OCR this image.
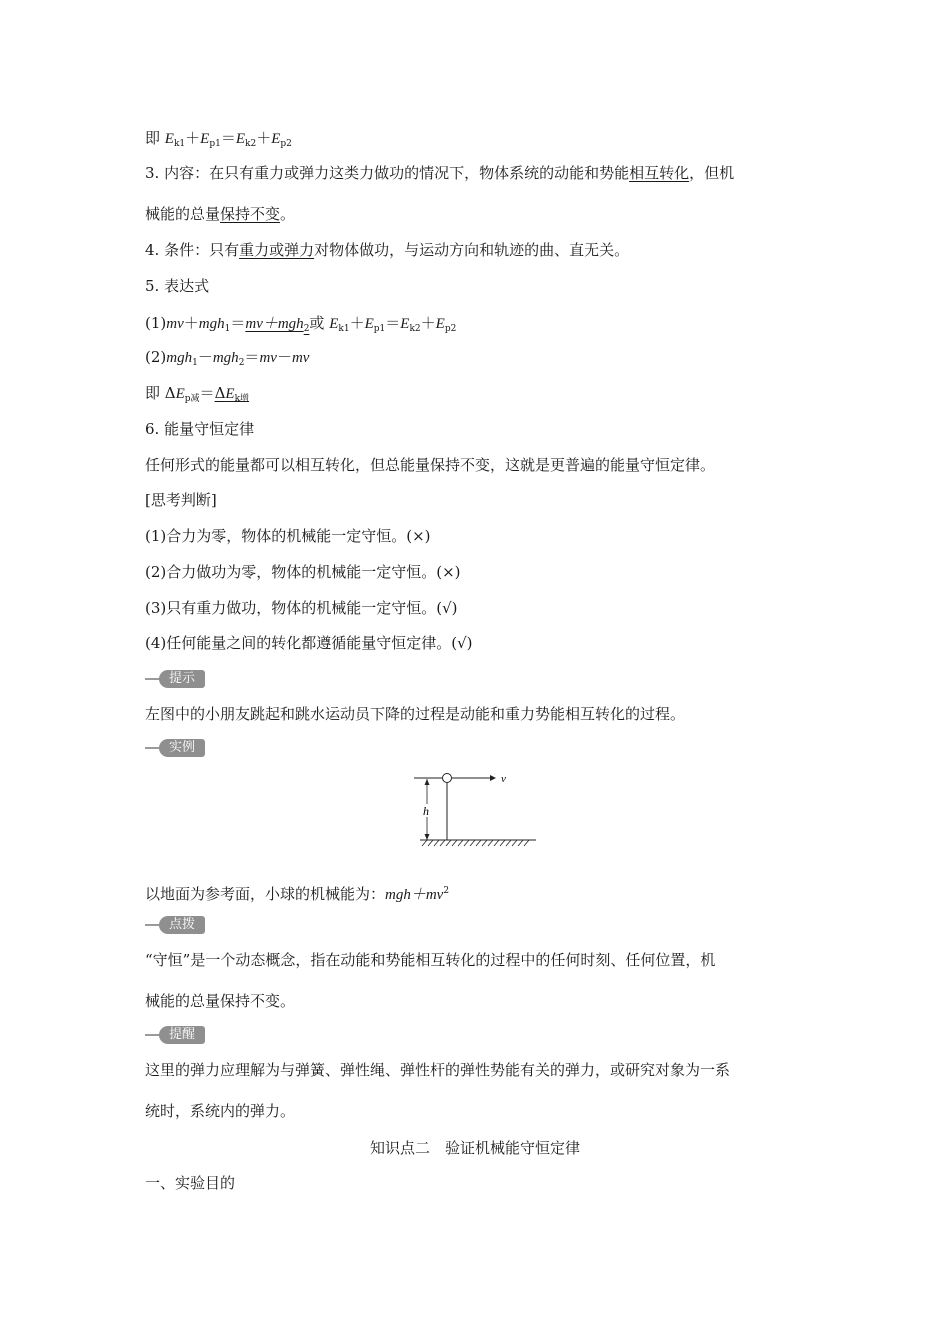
即 $E_{k1}+E_{p1}=E_{k2}+E_{p2}$
3. 内容：在只有重力或弹力这类力做功的情况下，物体系统的动能和势能相互转化，但机
械能的总量保持不变。
4. 条件：只有重力或弹力对物体做功，与运动方向和轨迹的曲、直无关。
5. 表达式
(1)mv＋mgh$_1$＝mv＋mgh$_2$或 $E_{k1}+E_{p1}=E_{k2}+E_{p2}$
(2)mgh$_1$－mgh$_2$＝mv－mv
即 $\Delta E_{p减}=\Delta E_{k增}$
6. 能量守恒定律
任何形式的能量都可以相互转化，但总能量保持不变，这就是更普遍的能量守恒定律。
[思考判断]
(1)合力为零，物体的机械能一定守恒。(×)
(2)合力做功为零，物体的机械能一定守恒。(×)
(3)只有重力做功，物体的机械能一定守恒。(√)
(4)任何能量之间的转化都遵循能量守恒定律。(√)
提示
左图中的小朋友跳起和跳水运动员下降的过程是动能和重力势能相互转化的过程。
实例
v
h
以地面为参考面，小球的机械能为：$mgh+mv^2$
点拨
“守恒”是一个动态概念，指在动能和势能相互转化的过程中的任何时刻、任何位置，机
械能的总量保持不变。
提醒
这里的弹力应理解为与弹簧、弹性绳、弹性杆的弹性势能有关的弹力，或研究对象为一系
统时，系统内的弹力。
知识点二　验证机械能守恒定律
一、实验目的
